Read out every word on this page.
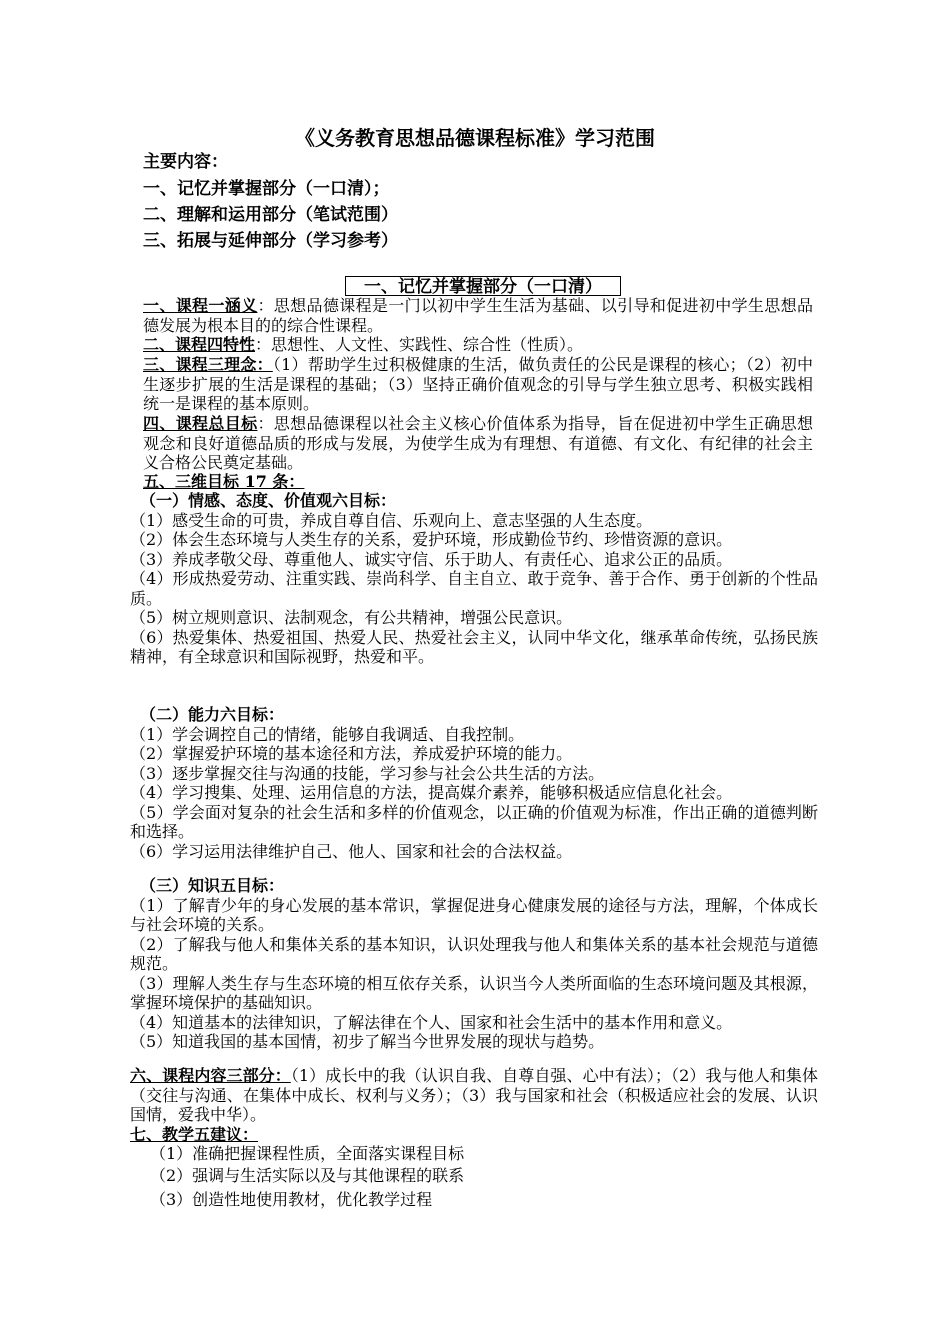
《义务教育思想品德课程标准》学习范围
主要内容：
一、记忆并掌握部分（一口清）；
二、理解和运用部分（笔试范围）
三、拓展与延伸部分（学习参考）
一、记忆并掌握部分（一口清）
一、课程一涵义：思想品德课程是一门以初中学生生活为基础、以引导和促进初中学生思想品德发展为根本目的的综合性课程。
二、课程四特性：思想性、人文性、实践性、综合性（性质）。
三、课程三理念：（1）帮助学生过积极健康的生活，做负责任的公民是课程的核心；（2）初中生逐步扩展的生活是课程的基础；（3）坚持正确价值观念的引导与学生独立思考、积极实践相统一是课程的基本原则。
四、课程总目标：思想品德课程以社会主义核心价值体系为指导，旨在促进初中学生正确思想观念和良好道德品质的形成与发展，为使学生成为有理想、有道德、有文化、有纪律的社会主义合格公民奠定基础。
五、三维目标 17 条：
（一）情感、态度、价值观六目标：
（1）感受生命的可贵，养成自尊自信、乐观向上、意志坚强的人生态度。
（2）体会生态环境与人类生存的关系，爱护环境，形成勤俭节约、珍惜资源的意识。
（3）养成孝敬父母、尊重他人、诚实守信、乐于助人、有责任心、追求公正的品质。
（4）形成热爱劳动、注重实践、崇尚科学、自主自立、敢于竞争、善于合作、勇于创新的个性品质。
（5）树立规则意识、法制观念，有公共精神，增强公民意识。
（6）热爱集体、热爱祖国、热爱人民、热爱社会主义，认同中华文化，继承革命传统，弘扬民族精神，有全球意识和国际视野，热爱和平。
（二）能力六目标：
（1）学会调控自己的情绪，能够自我调适、自我控制。
（2）掌握爱护环境的基本途径和方法，养成爱护环境的能力。
（3）逐步掌握交往与沟通的技能，学习参与社会公共生活的方法。
（4）学习搜集、处理、运用信息的方法，提高媒介素养，能够积极适应信息化社会。
（5）学会面对复杂的社会生活和多样的价值观念，以正确的价值观为标准，作出正确的道德判断和选择。
（6）学习运用法律维护自己、他人、国家和社会的合法权益。
（三）知识五目标：
（1）了解青少年的身心发展的基本常识，掌握促进身心健康发展的途径与方法，理解，个体成长与社会环境的关系。
（2）了解我与他人和集体关系的基本知识，认识处理我与他人和集体关系的基本社会规范与道德规范。
（3）理解人类生存与生态环境的相互依存关系，认识当今人类所面临的生态环境问题及其根源，掌握环境保护的基础知识。
（4）知道基本的法律知识，了解法律在个人、国家和社会生活中的基本作用和意义。
（5）知道我国的基本国情，初步了解当今世界发展的现状与趋势。
六、课程内容三部分：（1）成长中的我（认识自我、自尊自强、心中有法）；（2）我与他人和集体（交往与沟通、在集体中成长、权利与义务）；（3）我与国家和社会（积极适应社会的发展、认识国情，爱我中华）。
七、教学五建议：
（1）准确把握课程性质，全面落实课程目标
（2）强调与生活实际以及与其他课程的联系
（3）创造性地使用教材，优化教学过程
